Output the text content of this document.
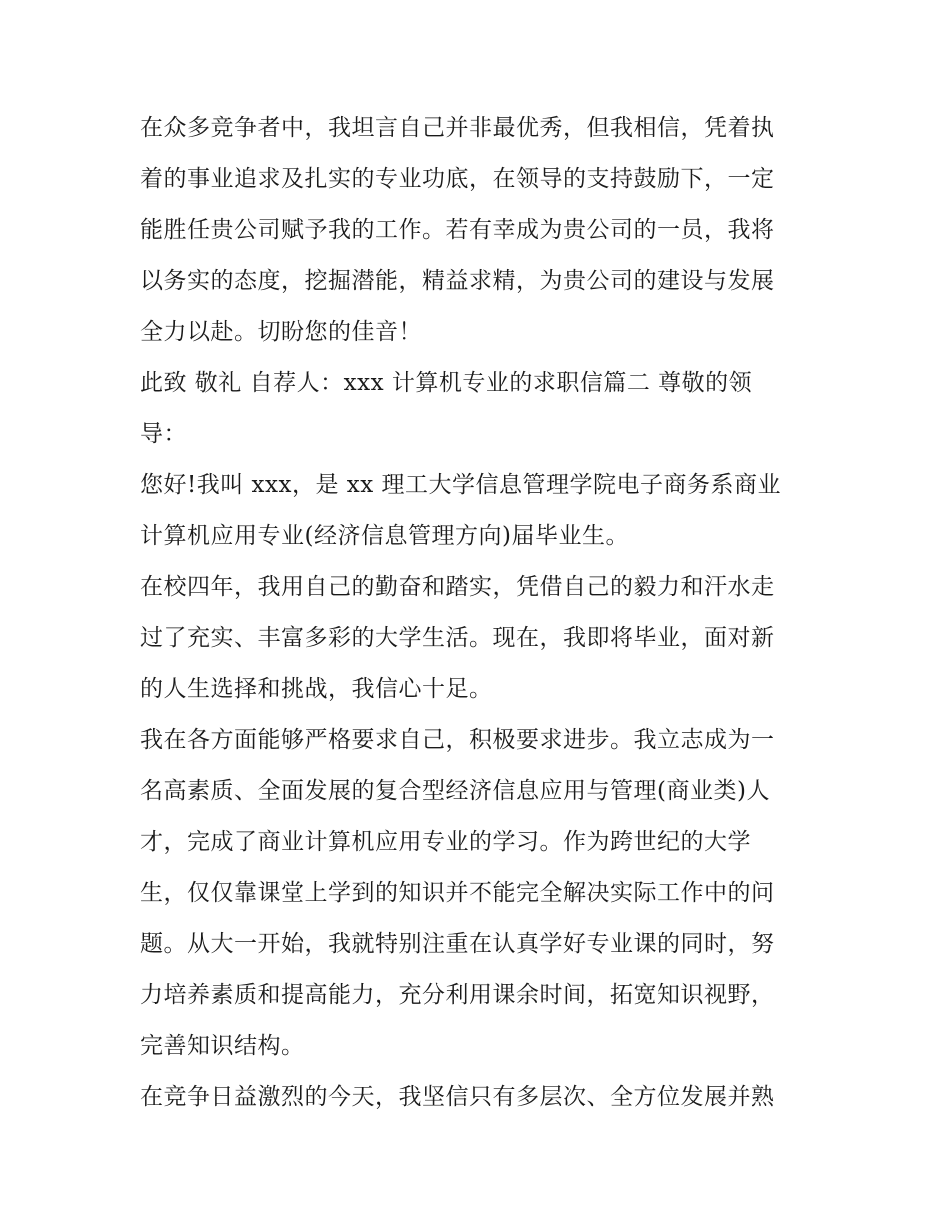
在众多竞争者中，我坦言自己并非最优秀，但我相信，凭着执
着的事业追求及扎实的专业功底，在领导的支持鼓励下，一定
能胜任贵公司赋予我的工作。若有幸成为贵公司的一员，我将
以务实的态度，挖掘潜能，精益求精，为贵公司的建设与发展
全力以赴。切盼您的佳音！
此致 敬礼 自荐人：xxx 计算机专业的求职信篇二 尊敬的领
导：
您好!我叫 xxx，是 xx 理工大学信息管理学院电子商务系商业
计算机应用专业(经济信息管理方向)届毕业生。
在校四年，我用自己的勤奋和踏实，凭借自己的毅力和汗水走
过了充实、丰富多彩的大学生活。现在，我即将毕业，面对新
的人生选择和挑战，我信心十足。
我在各方面能够严格要求自己，积极要求进步。我立志成为一
名高素质、全面发展的复合型经济信息应用与管理(商业类)人
才，完成了商业计算机应用专业的学习。作为跨世纪的大学
生，仅仅靠课堂上学到的知识并不能完全解决实际工作中的问
题。从大一开始，我就特别注重在认真学好专业课的同时，努
力培养素质和提高能力，充分利用课余时间，拓宽知识视野，
完善知识结构。
在竞争日益激烈的今天，我坚信只有多层次、全方位发展并熟
